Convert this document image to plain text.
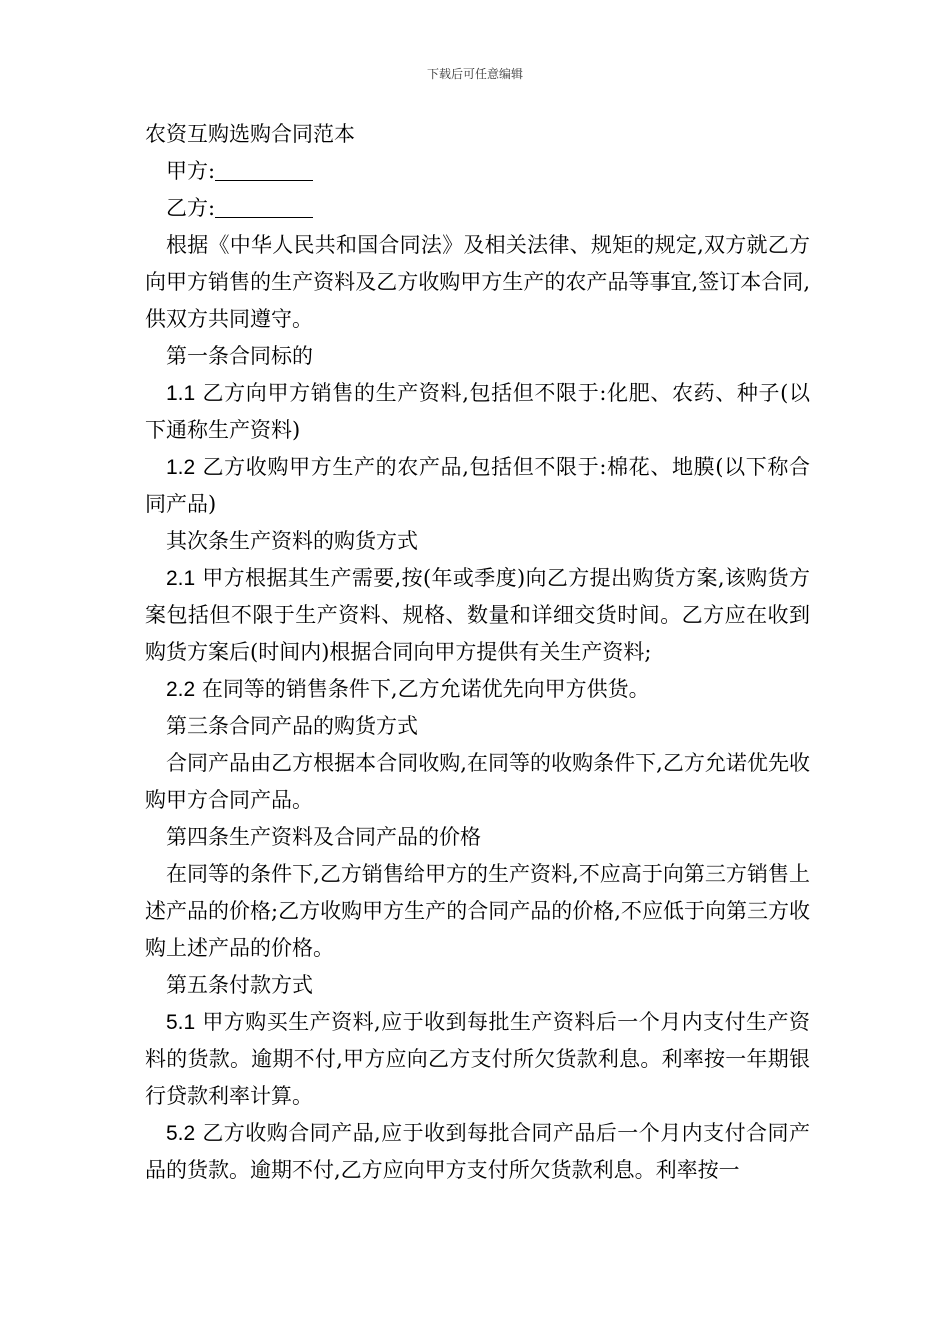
下载后可任意编辑

农资互购选购合同范本

甲方:

乙方:

根据《中华人民共和国合同法》及相关法律、规矩的规定,双方就乙方向甲方销售的生产资料及乙方收购甲方生产的农产品等事宜,签订本合同,供双方共同遵守。

第一条合同标的

1.1 乙方向甲方销售的生产资料,包括但不限于:化肥、农药、种子(以下通称生产资料)

1.2 乙方收购甲方生产的农产品,包括但不限于:棉花、地膜(以下称合同产品)

其次条生产资料的购货方式

2.1 甲方根据其生产需要,按(年或季度)向乙方提出购货方案,该购货方案包括但不限于生产资料、规格、数量和详细交货时间。乙方应在收到购货方案后(时间内)根据合同向甲方提供有关生产资料;

2.2 在同等的销售条件下,乙方允诺优先向甲方供货。

第三条合同产品的购货方式

合同产品由乙方根据本合同收购,在同等的收购条件下,乙方允诺优先收购甲方合同产品。

第四条生产资料及合同产品的价格

在同等的条件下,乙方销售给甲方的生产资料,不应高于向第三方销售上述产品的价格;乙方收购甲方生产的合同产品的价格,不应低于向第三方收购上述产品的价格。

第五条付款方式

5.1 甲方购买生产资料,应于收到每批生产资料后一个月内支付生产资料的货款。逾期不付,甲方应向乙方支付所欠货款利息。利率按一年期银行贷款利率计算。

5.2 乙方收购合同产品,应于收到每批合同产品后一个月内支付合同产品的货款。逾期不付,乙方应向甲方支付所欠货款利息。利率按一
